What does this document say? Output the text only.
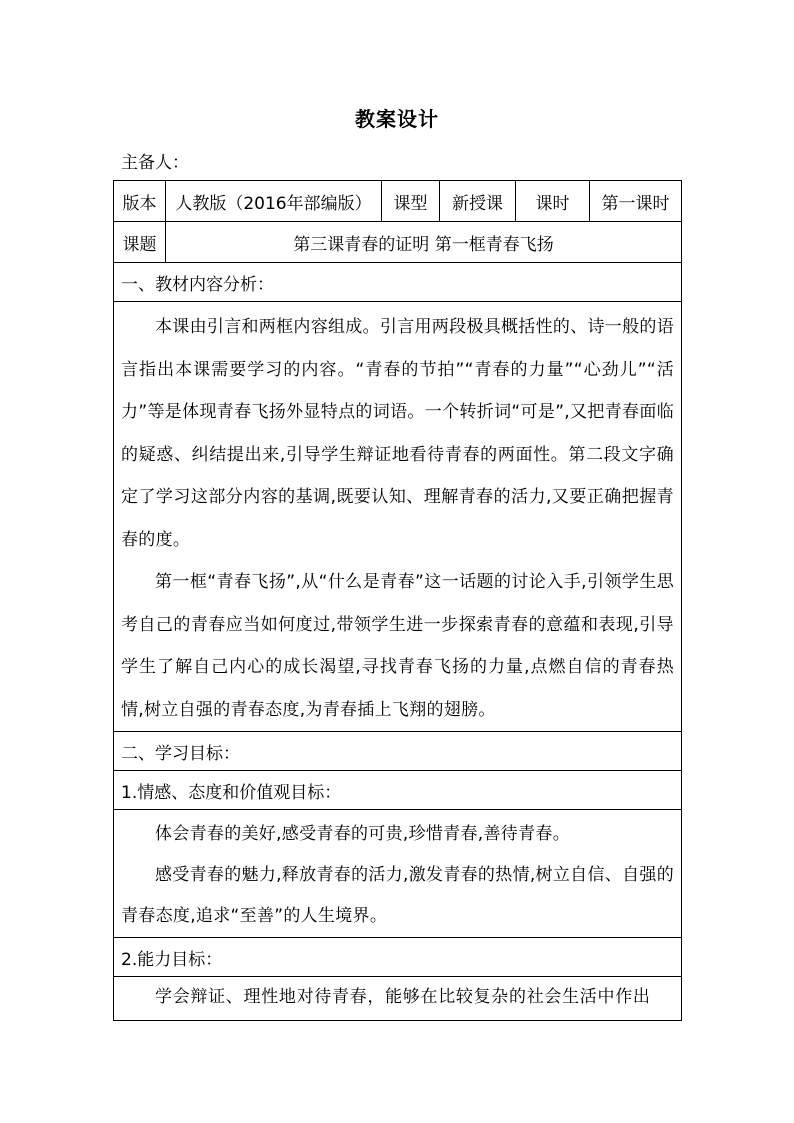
教案设计
主备人：
版本	人教版（2016年部编版）	课型	新授课	课时	第一课时
课题	第三课青春的证明 第一框青春飞扬				
一、教材内容分析：					

本课由引言和两框内容组成。引言用两段极具概括性的、诗一般的语言指出本课需要学习的内容。“青春的节拍”“青春的力量”“心劲儿”“活力”等是体现青春飞扬外显特点的词语。一个转折词“可是”,又把青春面临的疑惑、纠结提出来,引导学生辩证地看待青春的两面性。第二段文字确定了学习这部分内容的基调,既要认知、理解青春的活力,又要正确把握青春的度。

第一框“青春飞扬”,从“什么是青春”这一话题的讨论入手,引领学生思考自己的青春应当如何度过,带领学生进一步探索青春的意蕴和表现,引导学生了解自己内心的成长渴望,寻找青春飞扬的力量,点燃自信的青春热情,树立自强的青春态度,为青春插上飞翔的翅膀。					

二、学习目标：					
1.情感、态度和价值观目标：					

体会青春的美好,感受青春的可贵,珍惜青春,善待青春。

感受青春的魅力,释放青春的活力,激发青春的热情,树立自信、自强的青春态度,追求“至善”的人生境界。					

2.能力目标：					

学会辩证、理性地对待青春，能够在比较复杂的社会生活中作出					
